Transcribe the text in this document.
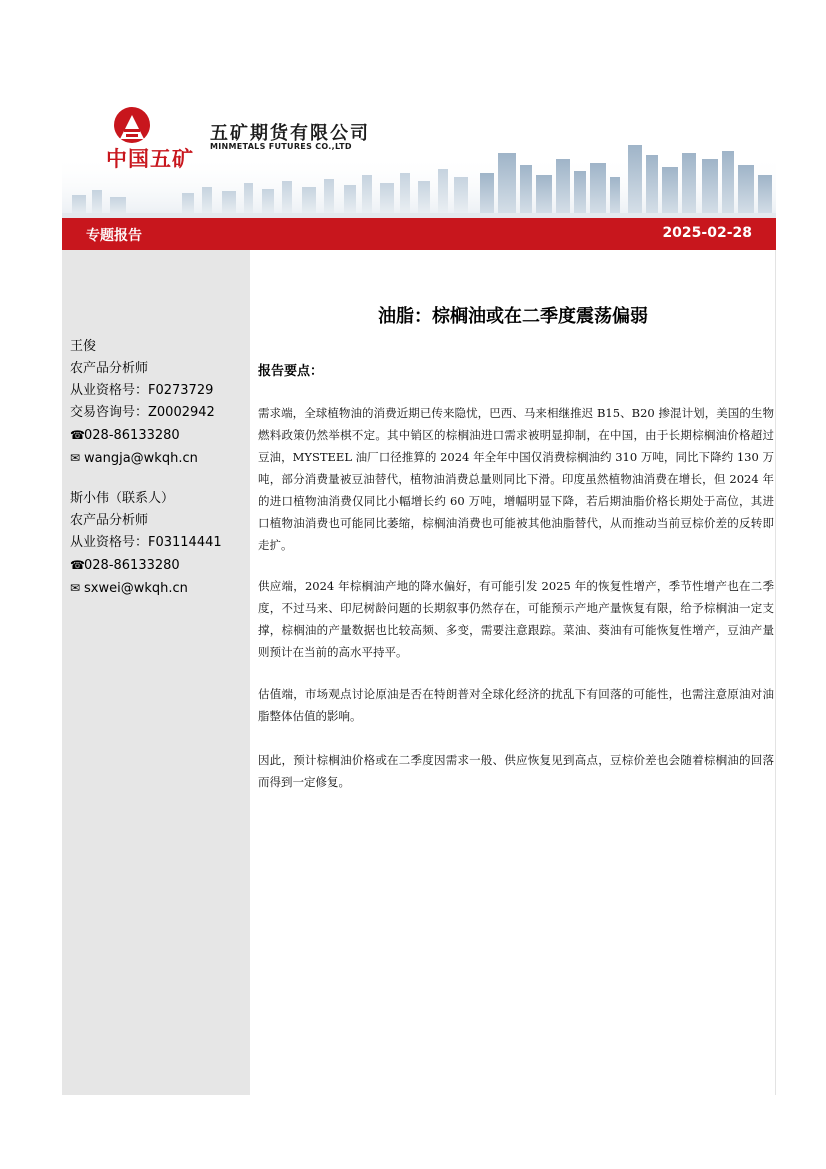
中国五矿
五矿期货有限公司
MINMETALS FUTURES CO.,LTD
专题报告	2025-02-28
王俊
农产品分析师
从业资格号：F0273729
交易咨询号：Z0002942
☎028-86133280
✉ wangja@wkqh.cn
斯小伟（联系人）
农产品分析师
从业资格号：F03114441
☎028-86133280
✉ sxwei@wkqh.cn
油脂：棕榈油或在二季度震荡偏弱
报告要点：
需求端，全球植物油的消费近期已传来隐忧，巴西、马来相继推迟 B15、B20 掺混计划，美国的生物燃料政策仍然举棋不定。其中销区的棕榈油进口需求被明显抑制，在中国，由于长期棕榈油价格超过豆油，MYSTEEL 油厂口径推算的 2024 年全年中国仅消费棕榈油约 310 万吨，同比下降约 130 万吨，部分消费量被豆油替代，植物油消费总量则同比下滑。印度虽然植物油消费在增长，但 2024 年的进口植物油消费仅同比小幅增长约 60 万吨，增幅明显下降，若后期油脂价格长期处于高位，其进口植物油消费也可能同比萎缩，棕榈油消费也可能被其他油脂替代，从而推动当前豆棕价差的反转即走扩。
供应端，2024 年棕榈油产地的降水偏好，有可能引发 2025 年的恢复性增产，季节性增产也在二季度，不过马来、印尼树龄问题的长期叙事仍然存在，可能预示产地产量恢复有限，给予棕榈油一定支撑，棕榈油的产量数据也比较高频、多变，需要注意跟踪。菜油、葵油有可能恢复性增产，豆油产量则预计在当前的高水平持平。
估值端，市场观点讨论原油是否在特朗普对全球化经济的扰乱下有回落的可能性，也需注意原油对油脂整体估值的影响。
因此，预计棕榈油价格或在二季度因需求一般、供应恢复见到高点，豆棕价差也会随着棕榈油的回落而得到一定修复。
